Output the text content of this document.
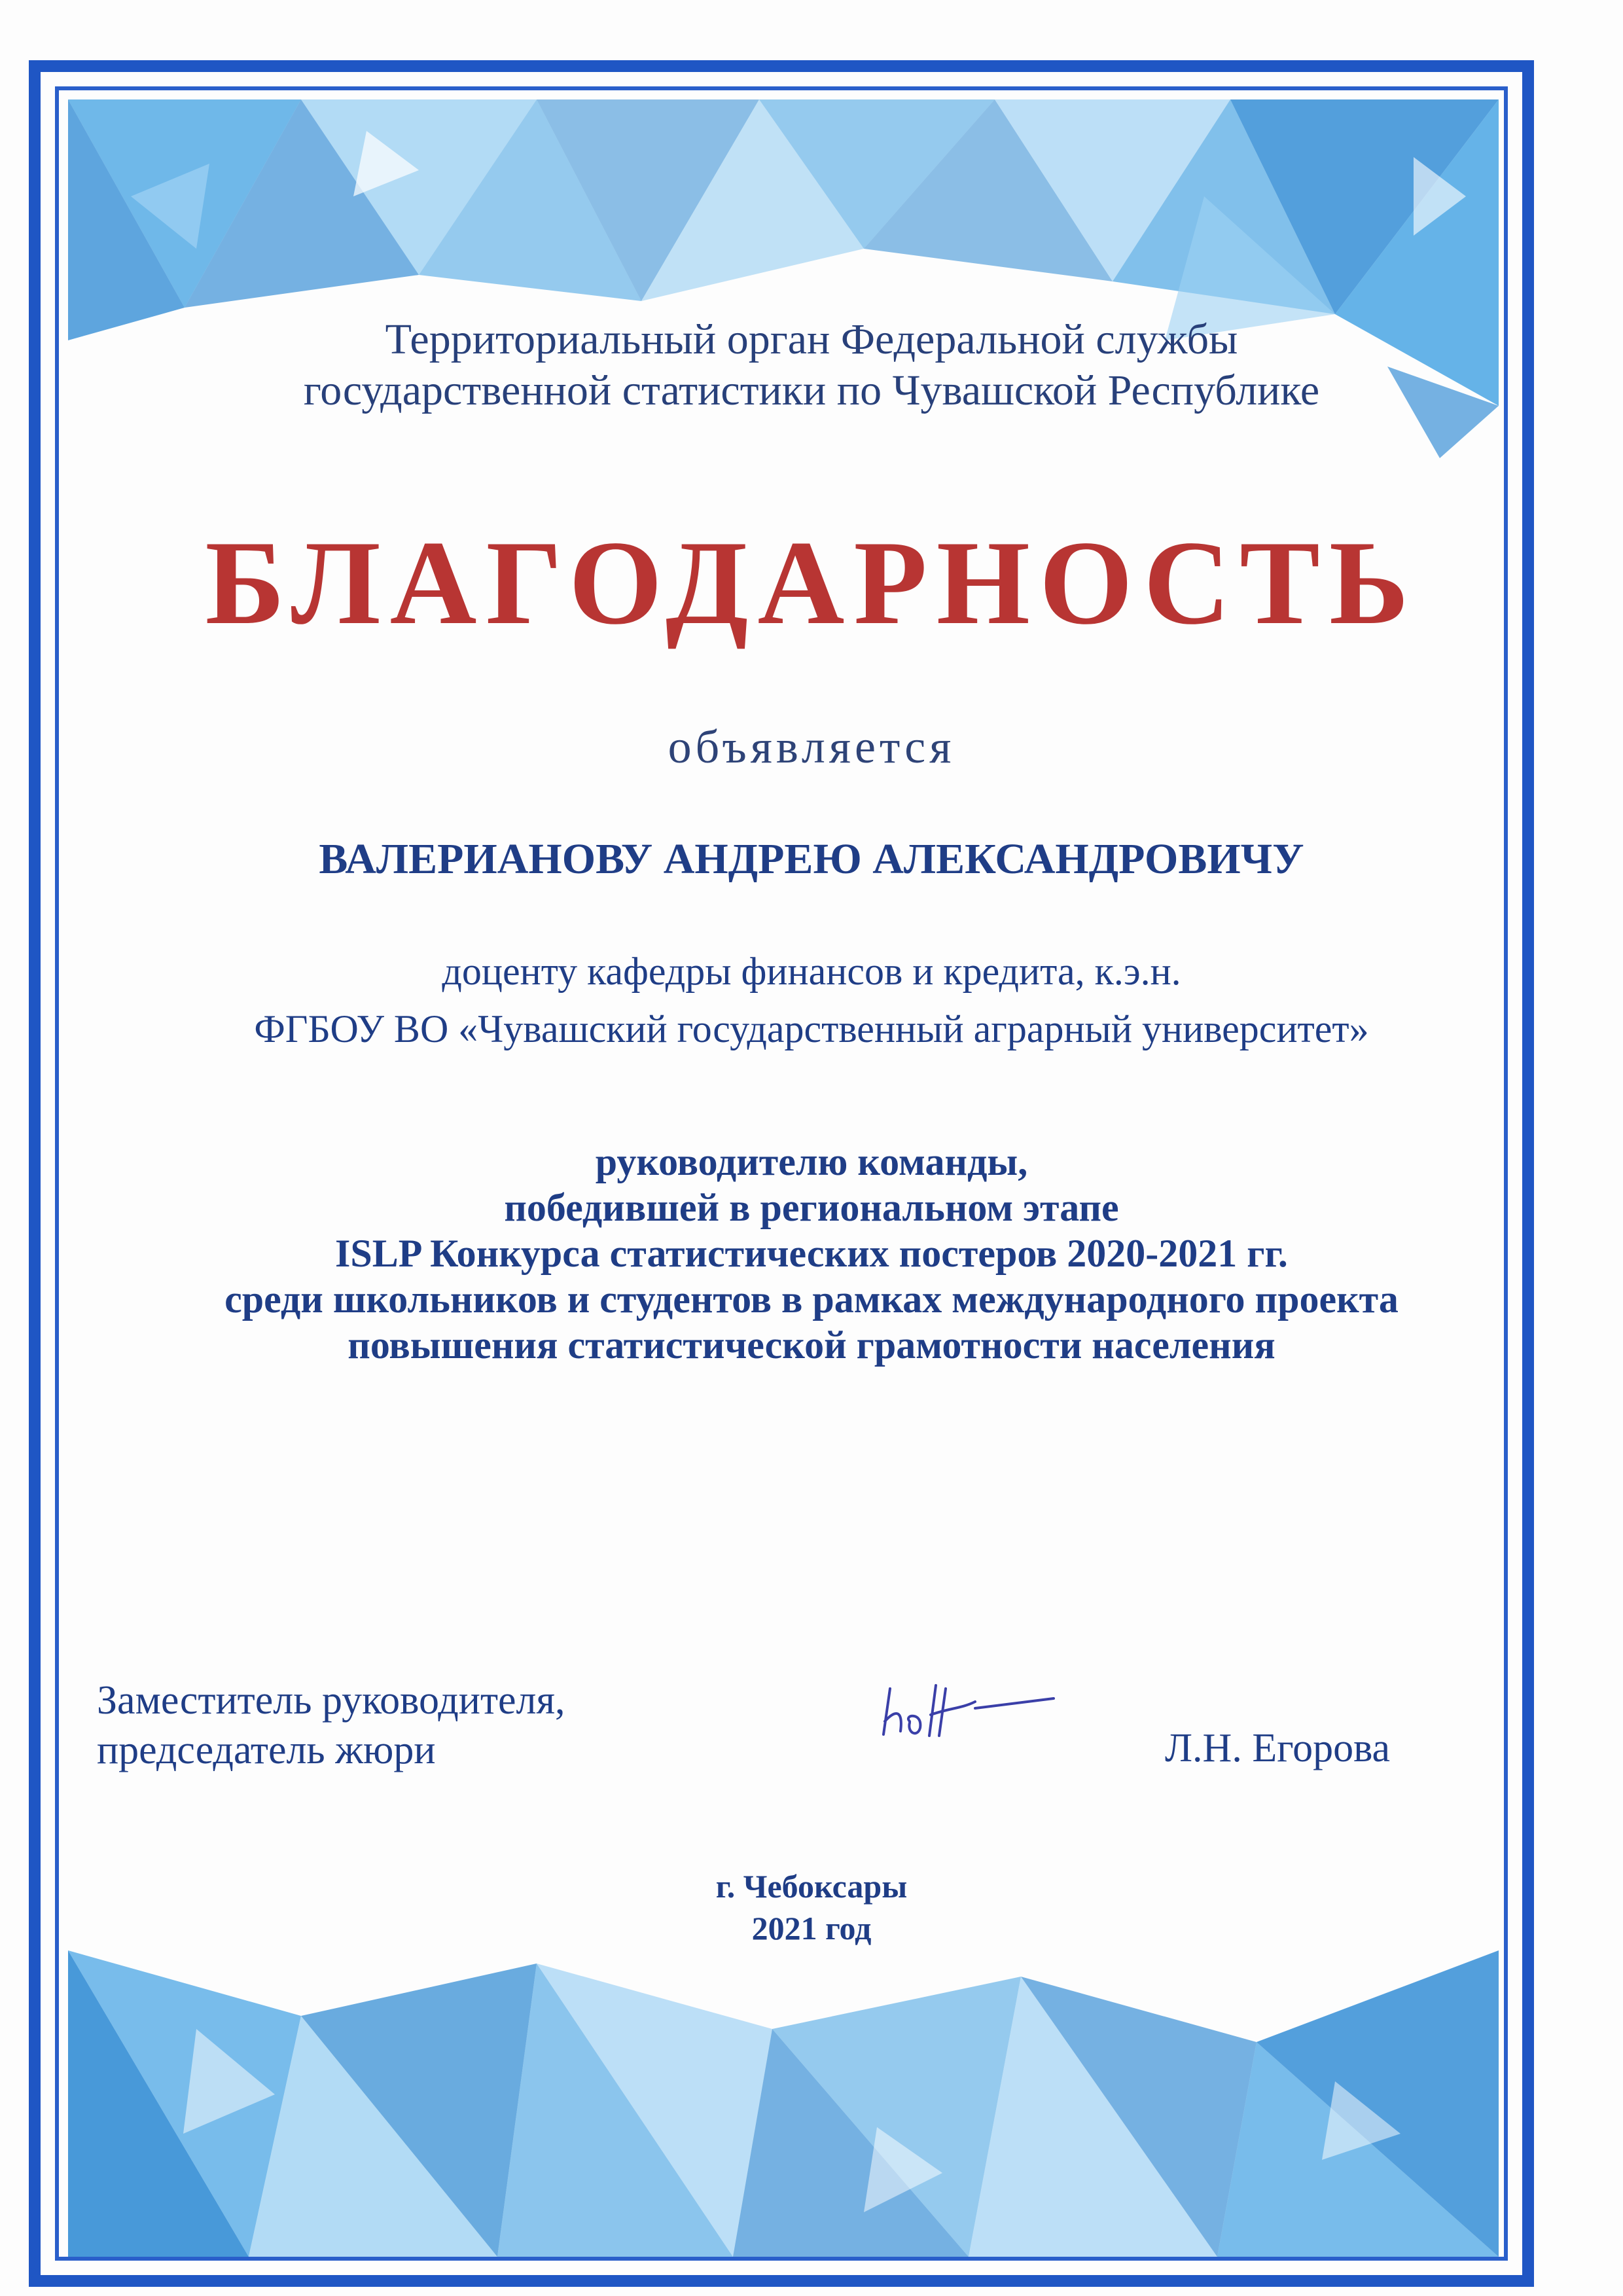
Территориальный орган Федеральной службы
государственной статистики по Чувашской Республике
БЛАГОДАРНОСТЬ
объявляется
ВАЛЕРИАНОВУ АНДРЕЮ АЛЕКСАНДРОВИЧУ
доценту кафедры финансов и кредита, к.э.н.
ФГБОУ ВО «Чувашский государственный аграрный университет»
руководителю команды,
победившей в региональном этапе
ISLP Конкурса статистических постеров 2020-2021 гг.
среди школьников и студентов в рамках международного проекта
повышения статистической грамотности населения
Заместитель руководителя,
председатель жюри	Л.Н. Егорова
г. Чебоксары
2021 год
